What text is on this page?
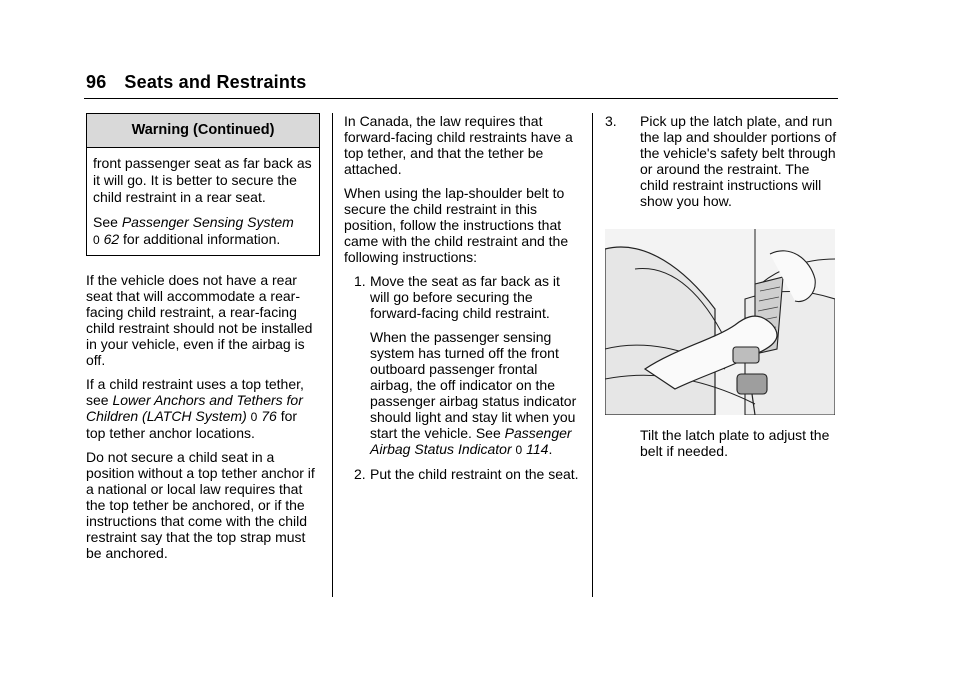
96 Seats and Restraints
Warning (Continued)

front passenger seat as far back as it will go. It is better to secure the child restraint in a rear seat.

See Passenger Sensing System
0 62 for additional information.

If the vehicle does not have a rear seat that will accommodate a rear-facing child restraint, a rear-facing child restraint should not be installed in your vehicle, even if the airbag is off.

If a child restraint uses a top tether, see Lower Anchors and Tethers for Children (LATCH System) 0 76 for top tether anchor locations.

Do not secure a child seat in a position without a top tether anchor if a national or local law requires that the top tether be anchored, or if the instructions that come with the child restraint say that the top strap must be anchored.

In Canada, the law requires that forward-facing child restraints have a top tether, and that the tether be attached.

When using the lap-shoulder belt to secure the child restraint in this position, follow the instructions that came with the child restraint and the following instructions:

1. Move the seat as far back as it will go before securing the forward-facing child restraint.

When the passenger sensing system has turned off the front outboard passenger frontal airbag, the off indicator on the passenger airbag status indicator should light and stay lit when you start the vehicle. See Passenger Airbag Status Indicator 0 114.

2. Put the child restraint on the seat.

3. Pick up the latch plate, and run the lap and shoulder portions of the vehicle's safety belt through or around the restraint. The child restraint instructions will show you how.

Tilt the latch plate to adjust the belt if needed.
